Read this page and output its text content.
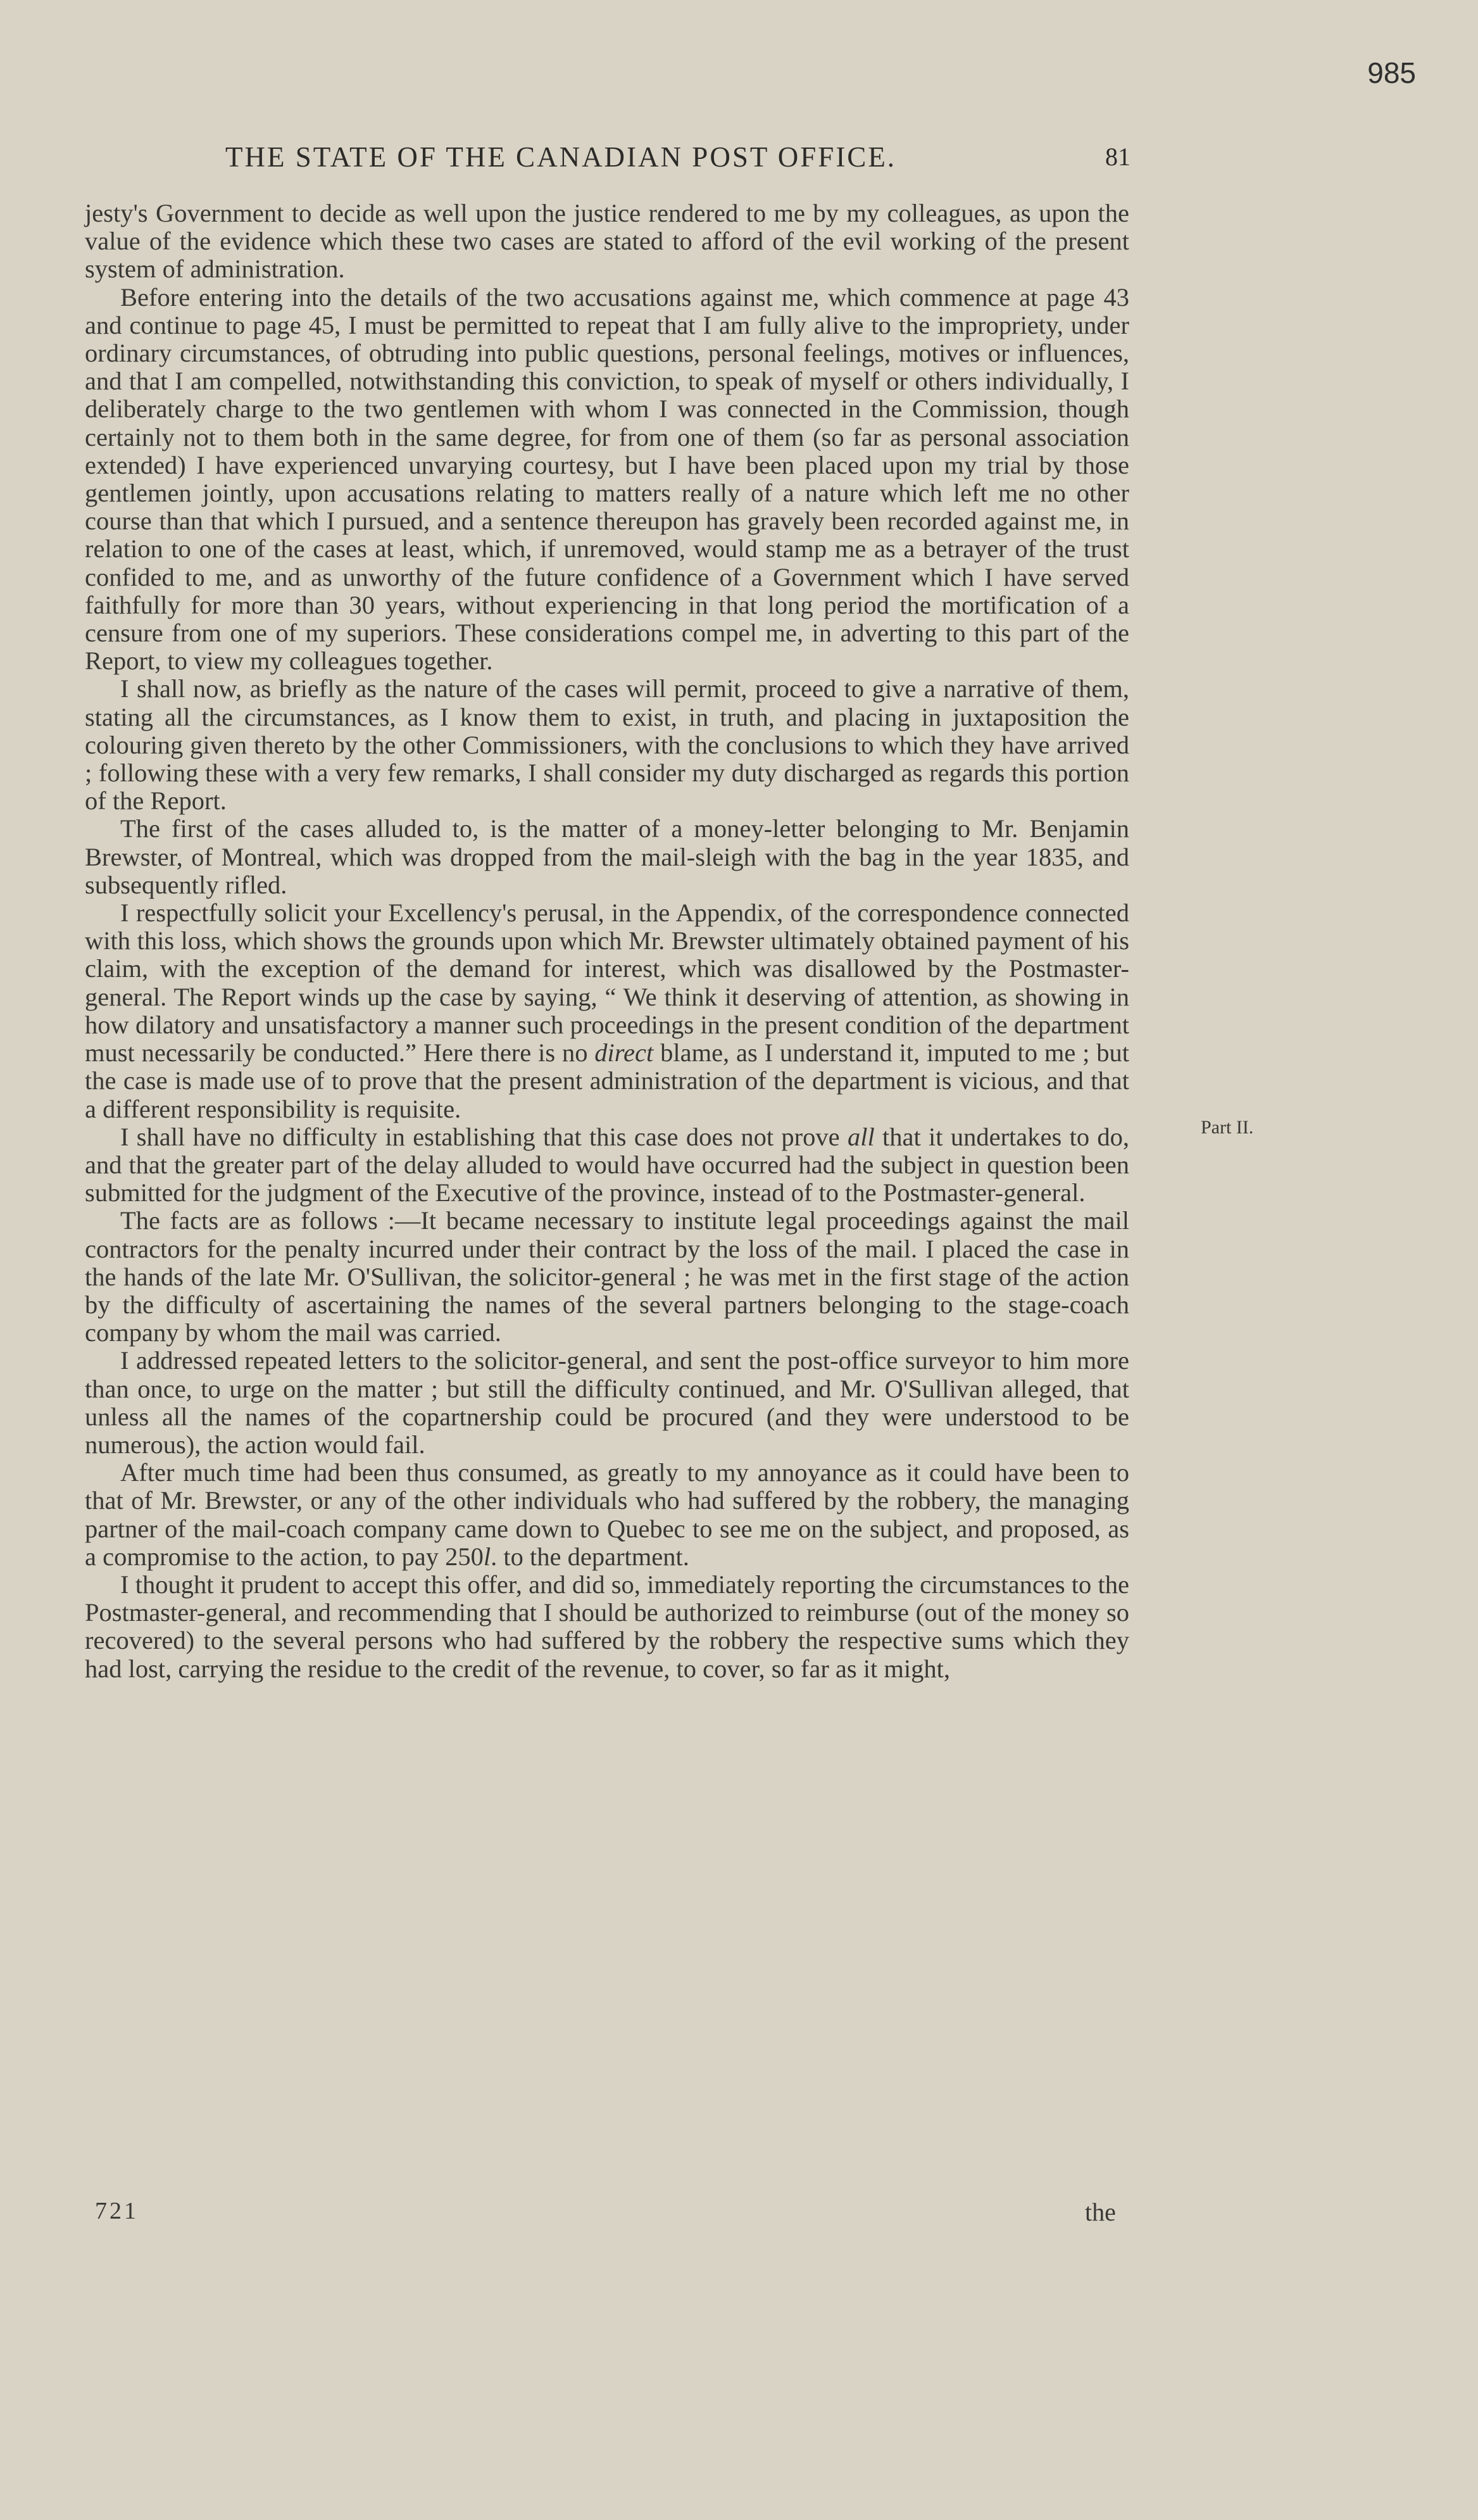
985
THE STATE OF THE CANADIAN POST OFFICE.	81

jesty's Government to decide as well upon the justice rendered to me by my colleagues, as upon the value of the evidence which these two cases are stated to afford of the evil working of the present system of administration.

Before entering into the details of the two accusations against me, which commence at page 43 and continue to page 45, I must be permitted to repeat that I am fully alive to the impropriety, under ordinary circumstances, of obtruding into public questions, personal feelings, motives or influences, and that I am compelled, notwithstanding this conviction, to speak of myself or others individually, I deliberately charge to the two gentlemen with whom I was connected in the Commission, though certainly not to them both in the same degree, for from one of them (so far as personal association extended) I have experienced unvarying courtesy, but I have been placed upon my trial by those gentlemen jointly, upon accusations relating to matters really of a nature which left me no other course than that which I pursued, and a sentence thereupon has gravely been recorded against me, in relation to one of the cases at least, which, if unremoved, would stamp me as a betrayer of the trust confided to me, and as unworthy of the future confidence of a Government which I have served faithfully for more than 30 years, without experiencing in that long period the mortification of a censure from one of my superiors. These considerations compel me, in adverting to this part of the Report, to view my colleagues together.

I shall now, as briefly as the nature of the cases will permit, proceed to give a narrative of them, stating all the circumstances, as I know them to exist, in truth, and placing in juxtaposition the colouring given thereto by the other Commissioners, with the conclusions to which they have arrived ; following these with a very few remarks, I shall consider my duty discharged as regards this portion of the Report.

The first of the cases alluded to, is the matter of a money-letter belonging to Mr. Benjamin Brewster, of Montreal, which was dropped from the mail-sleigh with the bag in the year 1835, and subsequently rifled.

I respectfully solicit your Excellency's perusal, in the Appendix, of the correspondence connected with this loss, which shows the grounds upon which Mr. Brewster ultimately obtained payment of his claim, with the exception of the demand for interest, which was disallowed by the Postmaster-general. The Report winds up the case by saying, “ We think it deserving of attention, as showing in how dilatory and unsatisfactory a manner such proceedings in the present condition of the department must necessarily be conducted.” Here there is no direct blame, as I understand it, imputed to me ; but the case is made use of to prove that the present administration of the department is vicious, and that a different responsibility is requisite.

I shall have no difficulty in establishing that this case does not prove all that it undertakes to do, and that the greater part of the delay alluded to would have occurred had the subject in question been submitted for the judgment of the Executive of the province, instead of to the Postmaster-general.

The facts are as follows :—It became necessary to institute legal proceedings against the mail contractors for the penalty incurred under their contract by the loss of the mail. I placed the case in the hands of the late Mr. O'Sullivan, the solicitor-general ; he was met in the first stage of the action by the difficulty of ascertaining the names of the several partners belonging to the stage-coach company by whom the mail was carried.

I addressed repeated letters to the solicitor-general, and sent the post-office surveyor to him more than once, to urge on the matter ; but still the difficulty continued, and Mr. O'Sullivan alleged, that unless all the names of the copartnership could be procured (and they were understood to be numerous), the action would fail.

After much time had been thus consumed, as greatly to my annoyance as it could have been to that of Mr. Brewster, or any of the other individuals who had suffered by the robbery, the managing partner of the mail-coach company came down to Quebec to see me on the subject, and proposed, as a compromise to the action, to pay 250l. to the department.

I thought it prudent to accept this offer, and did so, immediately reporting the circumstances to the Postmaster-general, and recommending that I should be authorized to reimburse (out of the money so recovered) to the several persons who had suffered by the robbery the respective sums which they had lost, carrying the residue to the credit of the revenue, to cover, so far as it might,

Part II.
721	the
